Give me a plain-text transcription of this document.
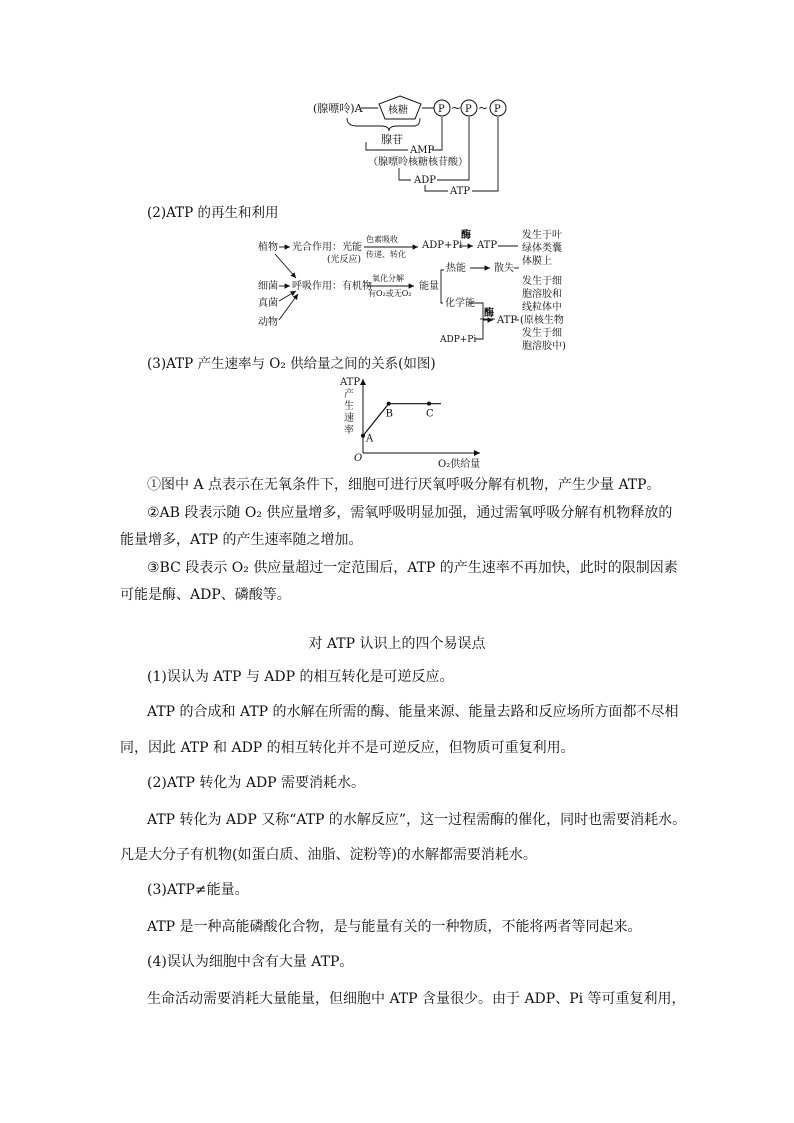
(腺嘌呤)A	核糖	P ~ P ~ P
腺苷
AMP
（腺嘌呤核糖核苷酸）
ADP
ATP
(2)ATP 的再生和利用
植物
细菌
真菌
动物
光合作用：光能
(光反应)
色素吸收
传递、转化
ADP+Pi
酶
ATP
发生于叶
绿体类囊
体膜上
呼吸作用：有机物
氧化分解
有O₂或无O₂
能量
热能	散失
化学能
酶
ATP
ADP+Pi
发生于细
胞溶胶和
线粒体中
(原核生物
发生于细
胞溶胶中)
(3)ATP 产生速率与 O₂ 供给量之间的关系(如图)
ATP 产生速率
O₂供给量
O
A
B	C
①图中 A 点表示在无氧条件下，细胞可进行厌氧呼吸分解有机物，产生少量 ATP。
②AB 段表示随 O₂ 供应量增多，需氧呼吸明显加强，通过需氧呼吸分解有机物释放的
能量增多，ATP 的产生速率随之增加。
③BC 段表示 O₂ 供应量超过一定范围后，ATP 的产生速率不再加快，此时的限制因素
可能是酶、ADP、磷酸等。
对 ATP 认识上的四个易误点
(1)误认为 ATP 与 ADP 的相互转化是可逆反应。
ATP 的合成和 ATP 的水解在所需的酶、能量来源、能量去路和反应场所方面都不尽相
同，因此 ATP 和 ADP 的相互转化并不是可逆反应，但物质可重复利用。
(2)ATP 转化为 ADP 需要消耗水。
ATP 转化为 ADP 又称“ATP 的水解反应”，这一过程需酶的催化，同时也需要消耗水。
凡是大分子有机物(如蛋白质、油脂、淀粉等)的水解都需要消耗水。
(3)ATP≠能量。
ATP 是一种高能磷酸化合物，是与能量有关的一种物质，不能将两者等同起来。
(4)误认为细胞中含有大量 ATP。
生命活动需要消耗大量能量，但细胞中 ATP 含量很少。由于 ADP、Pi 等可重复利用，
